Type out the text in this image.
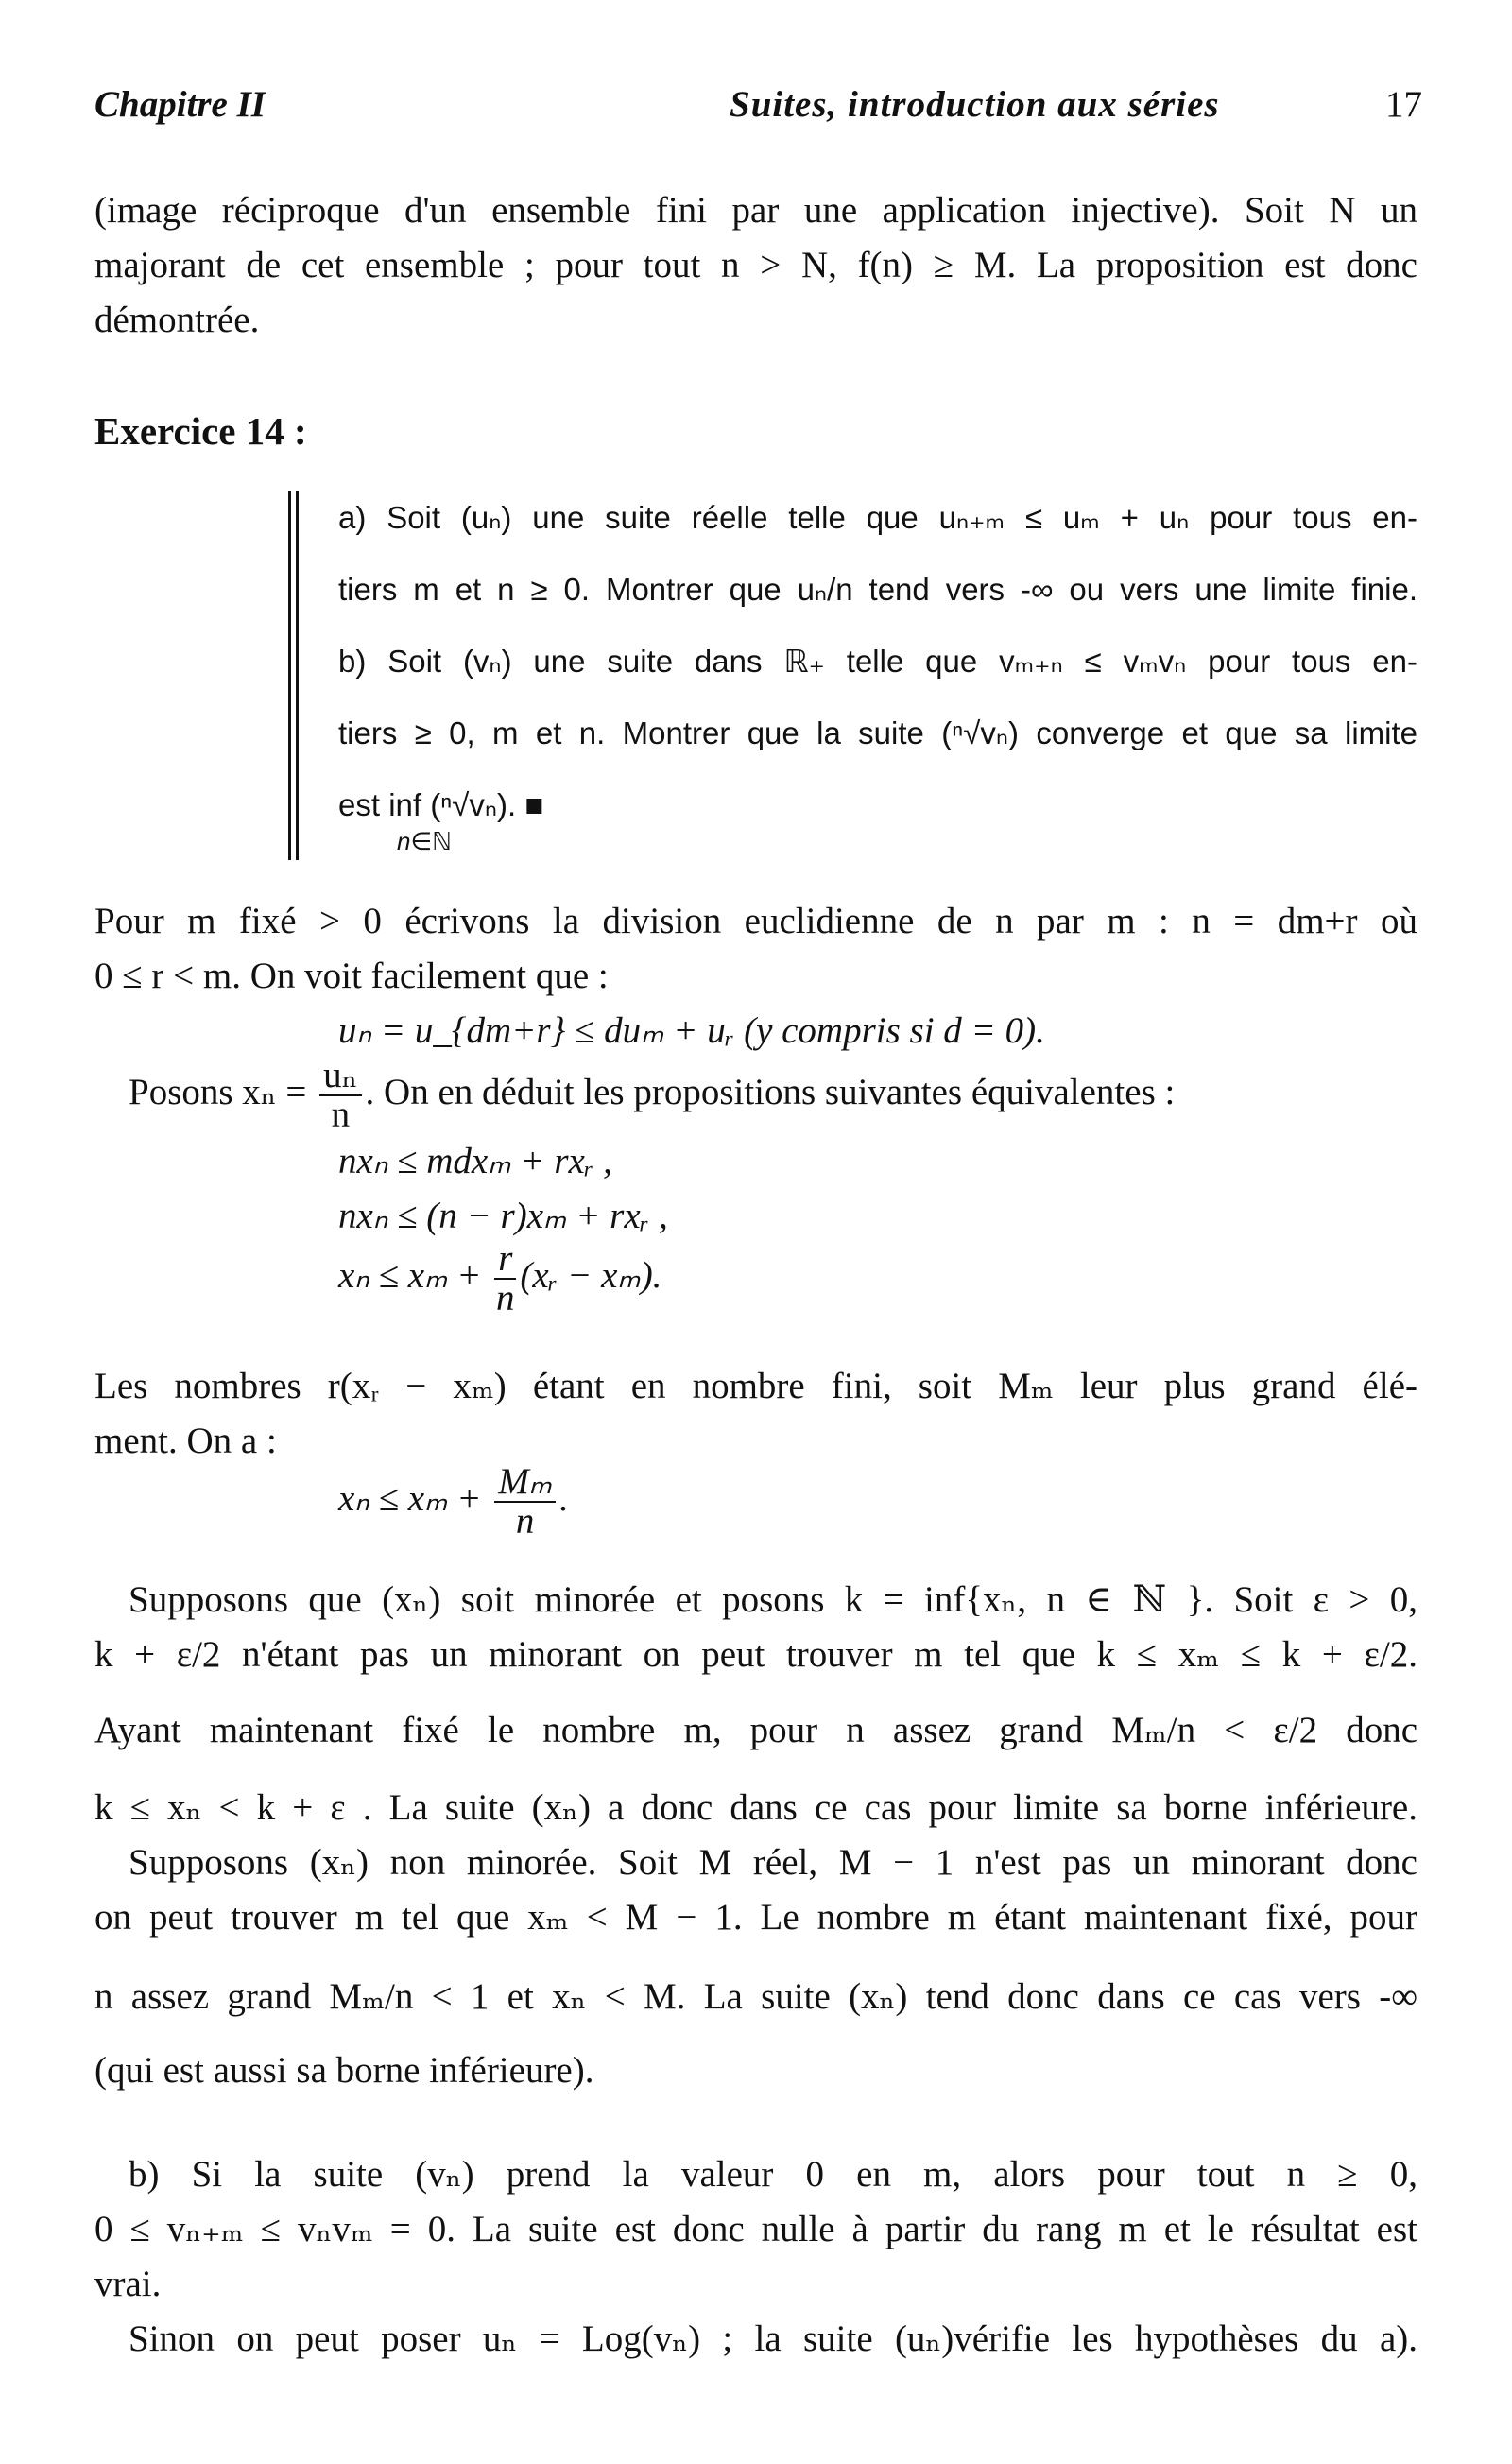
Chapitre II	Suites, introduction aux séries	17
(image réciproque d'un ensemble fini par une application injective). Soit N un
majorant de cet ensemble ; pour tout n > N, f(n) ≥ M. La proposition est donc
démontrée.
Exercice 14 :
a) Soit (uₙ) une suite réelle telle que uₙ₊ₘ ≤ uₘ + uₙ pour tous en-
tiers m et n ≥ 0. Montrer que uₙ/n tend vers -∞ ou vers une limite finie.
b) Soit (vₙ) une suite dans ℝ₊ telle que vₘ₊ₙ ≤ vₘvₙ pour tous en-
tiers ≥ 0, m et n. Montrer que la suite (ⁿ√vₙ) converge et que sa limite
est inf (ⁿ√vₙ). ■
n∈ℕ
Pour m fixé > 0 écrivons la division euclidienne de n par m : n = dm+r où
0 ≤ r < m. On voit facilement que :
uₙ = u_{dm+r} ≤ duₘ + uᵣ (y compris si d = 0).
Posons $x_n = \frac{\text{uₙ}}{n}$ . On en déduit les propositions suivantes équivalentes :
nxₙ ≤ mdxₘ + rxᵣ ,
nxₙ ≤ (n − r)xₘ + rxᵣ ,
$x_n \le x_m + \frac{r}{n}$ (xᵣ − xₘ).
Les nombres r(xᵣ − xₘ) étant en nombre fini, soit Mₘ leur plus grand élé-
ment. On a :
$x_n \le x_m + \frac{\text{Mₘ}}{n}$ .
Supposons que (xₙ) soit minorée et posons k = inf{xₙ, n ∈ ℕ }. Soit ε > 0,
k + ε/2 n'étant pas un minorant on peut trouver m tel que k ≤ xₘ ≤ k + ε/2.
Ayant maintenant fixé le nombre m, pour n assez grand Mₘ/n < ε/2 donc
k ≤ xₙ < k + ε . La suite (xₙ) a donc dans ce cas pour limite sa borne inférieure.
Supposons (xₙ) non minorée. Soit M réel, M − 1 n'est pas un minorant donc
on peut trouver m tel que xₘ < M − 1. Le nombre m étant maintenant fixé, pour
n assez grand Mₘ/n < 1 et xₙ < M. La suite (xₙ) tend donc dans ce cas vers -∞
(qui est aussi sa borne inférieure).
b) Si la suite (vₙ) prend la valeur 0 en m, alors pour tout n ≥ 0,
0 ≤ vₙ₊ₘ ≤ vₙvₘ = 0. La suite est donc nulle à partir du rang m et le résultat est
vrai.
Sinon on peut poser uₙ = Log(vₙ) ; la suite (uₙ)vérifie les hypothèses du a).
